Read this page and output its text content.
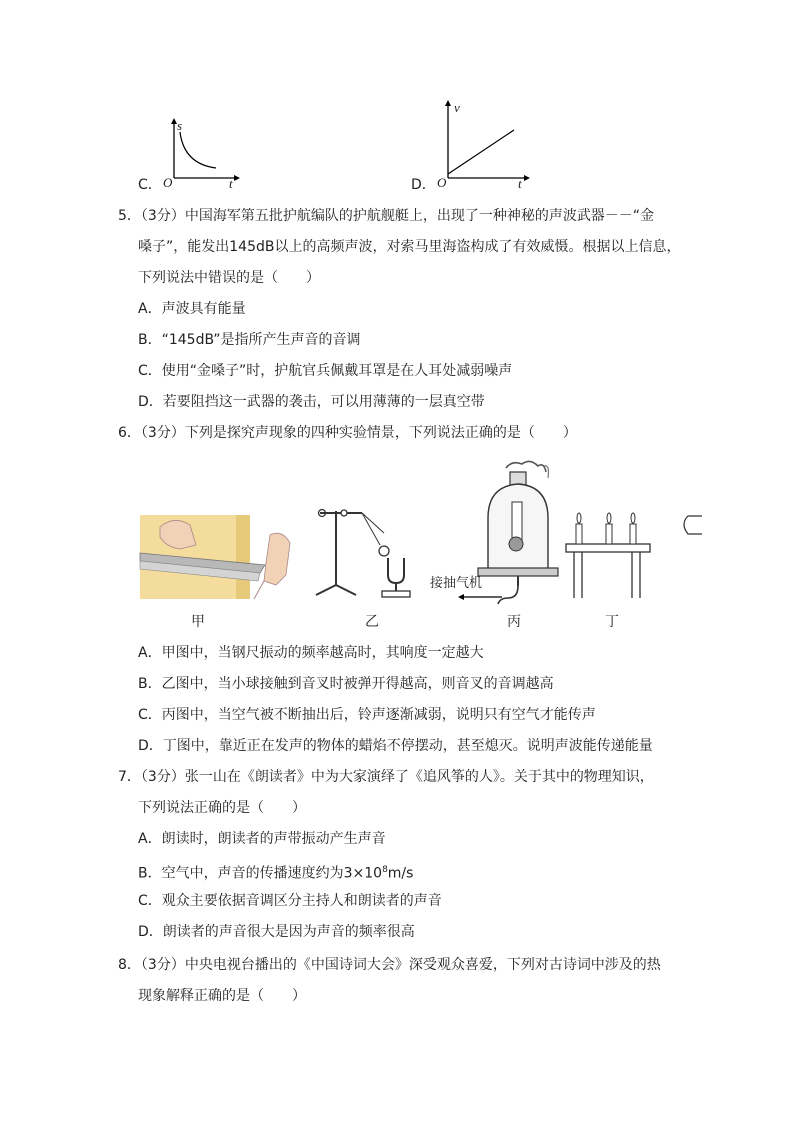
C．
s
O	t	D．
v
O	t
5．（3分）中国海军第五批护航编队的护航舰艇上，出现了一种神秘的声波武器－－“金
嗓子”，能发出145dB以上的高频声波，对索马里海盗构成了有效威慑。根据以上信息，
下列说法中错误的是（　　）
A．声波具有能量
B．“145dB”是指所产生声音的音调
C．使用“金嗓子”时，护航官兵佩戴耳罩是在人耳处减弱噪声
D．若要阻挡这一武器的袭击，可以用薄薄的一层真空带
6．（3分）下列是探究声现象的四种实验情景，下列说法正确的是（　　）
甲	乙
接抽气机
丙	丁
A．甲图中，当钢尺振动的频率越高时，其响度一定越大
B．乙图中，当小球接触到音叉时被弹开得越高，则音叉的音调越高
C．丙图中，当空气被不断抽出后，铃声逐渐减弱，说明只有空气才能传声
D．丁图中，靠近正在发声的物体的蜡焰不停摆动，甚至熄灭。说明声波能传递能量
7．（3分）张一山在《朗读者》中为大家演绎了《追风筝的人》。关于其中的物理知识，
下列说法正确的是（　　）
A．朗读时，朗读者的声带振动产生声音
B．空气中，声音的传播速度约为$3\times 10^8m/s$
C．观众主要依据音调区分主持人和朗读者的声音
D．朗读者的声音很大是因为声音的频率很高
8．（3分）中央电视台播出的《中国诗词大会》深受观众喜爱，下列对古诗词中涉及的热
现象解释正确的是（　　）
